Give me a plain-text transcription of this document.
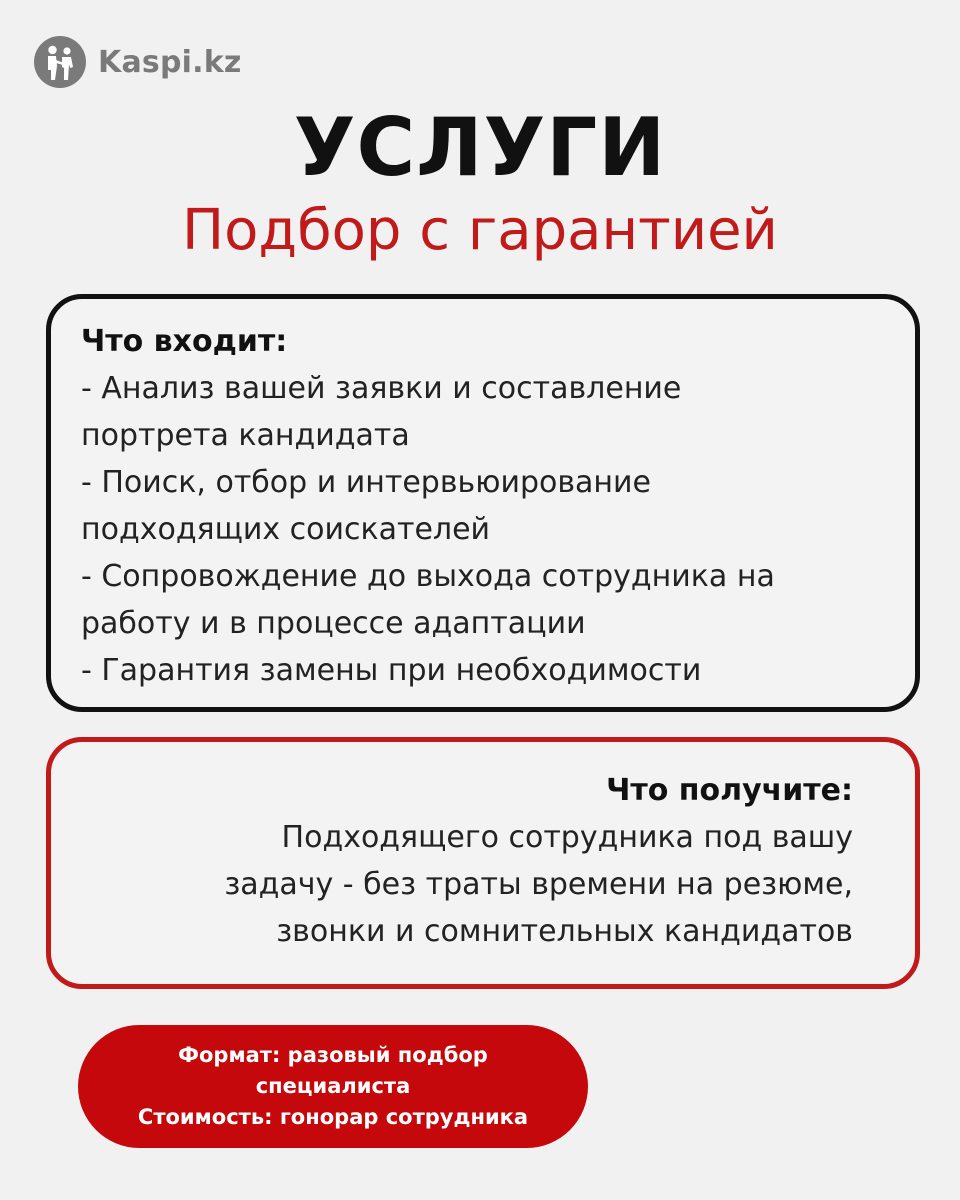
Kaspi.kz
УСЛУГИ
Подбор с гарантией
Что входит:
- Анализ вашей заявки и составление
портрета кандидата
- Поиск, отбор и интервьюирование
подходящих соискателей
- Сопровождение до выхода сотрудника на
работу и в процессе адаптации
- Гарантия замены при необходимости
Что получите:
Подходящего сотрудника под вашу
задачу - без траты времени на резюме,
звонки и сомнительных кандидатов
Формат: разовый подбор
специалиста
Стоимость: гонорар сотрудника
